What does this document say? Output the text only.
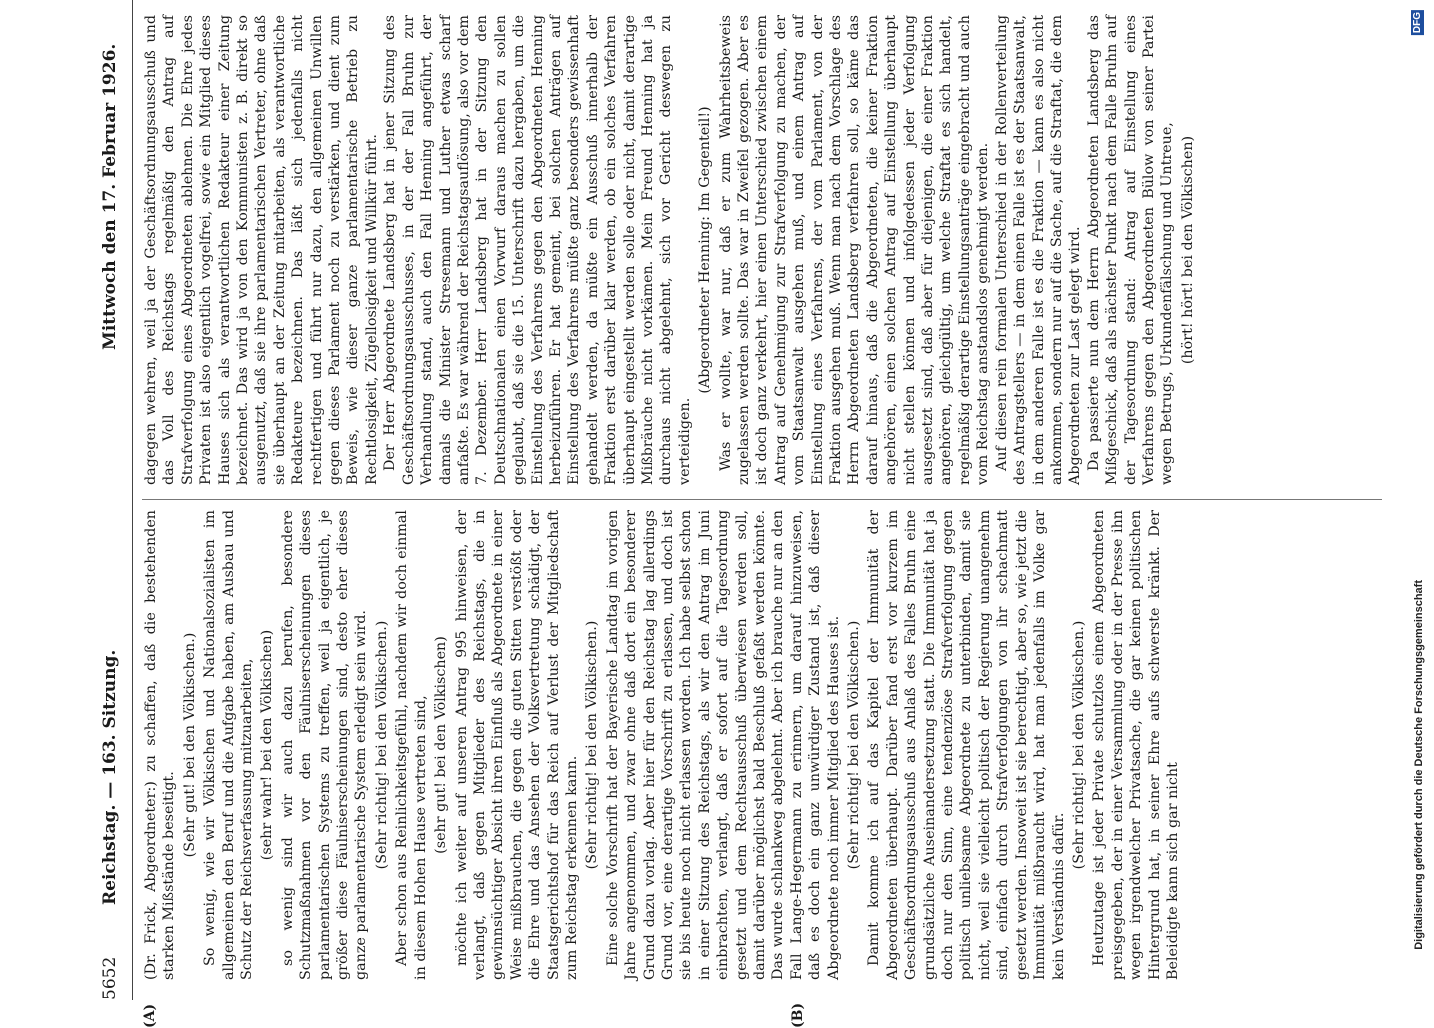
5652
Reichstag. — 163. Sitzung.
Mittwoch den 17. Februar 1926.
(A)	(B)

(Dr. Frick, Abgeordneter:) zu schaffen, daß die bestehenden starken Mißstände beseitigt.

(Sehr gut! bei den Völkischen.) So wenig, wie wir Völkischen und Nationalsozialisten im allgemeinen den Beruf und die Aufgabe haben, am Ausbau und Schutz der Reichsverfassung mitzuarbeiten, (sehr wahr! bei den Völkischen) so wenig sind wir auch dazu berufen, besondere Schutzmaßnahmen vor den Fäulniserscheinungen dieses parlamentarischen Systems zu treffen, weil ja eigentlich, je größer diese Fäulniserscheinungen sind, desto eher dieses ganze parlamentarische System erledigt sein wird. (Sehr richtig! bei den Völkischen.) Aber schon aus Reinlichkeitsgefühl, nachdem wir doch einmal in diesem Hohen Hause vertreten sind, (sehr gut! bei den Völkischen) möchte ich weiter auf unseren Antrag 995 hinweisen, der verlangt, daß gegen Mitglieder des Reichstags, die in gewinnsüchtiger Absicht ihren Einfluß als Abgeordnete in einer Weise mißbrauchen, die gegen die guten Sitten verstößt oder die Ehre und das Ansehen der Volksvertretung schädigt, der Staatsgerichtshof für das Reich auf Verlust der Mitgliedschaft zum Reichstag erkennen kann. (Sehr richtig! bei den Völkischen.) Eine solche Vorschrift hat der Bayerische Landtag im vorigen Jahre angenommen, und zwar ohne daß dort ein besonderer Grund dazu vorlag. Aber hier für den Reichstag lag allerdings Grund vor, eine derartige Vorschrift zu erlassen, und doch ist sie bis heute noch nicht erlassen worden. Ich habe selbst schon in einer Sitzung des Reichstags, als wir den Antrag im Juni einbrachten, verlangt, daß er sofort auf die Tagesordnung gesetzt und dem Rechtsausschuß überwiesen werden soll, damit darüber möglichst bald Beschluß gefaßt werden könnte. Das wurde schlankweg abgelehnt. Aber ich brauche nur an den Fall Lange-Hegermann zu erinnern, um darauf hinzuweisen, daß es doch ein ganz unwürdiger Zustand ist, daß dieser Abgeordnete noch immer Mitglied des Hauses ist. (Sehr richtig! bei den Völkischen.) Damit komme ich auf das Kapitel der Immunität der Abgeordneten überhaupt. Darüber fand erst vor kurzem im Geschäftsordnungsausschuß aus Anlaß des Falles Bruhn eine grundsätzliche Auseinandersetzung statt. Die Immunität hat ja doch nur den Sinn, eine tendenziöse Strafverfolgung gegen politisch unliebsame Abgeordnete zu unterbinden, damit sie nicht, weil sie vielleicht politisch der Regierung unangenehm sind, einfach durch Strafverfolgungen von ihr schachmatt gesetzt werden. Insoweit ist sie berechtigt, aber so, wie jetzt die Immunität mißbraucht wird, hat man jedenfalls im Volke gar kein Verständnis dafür.

(Sehr richtig! bei den Völkischen.) Heutzutage ist jeder Private schutzlos einem Abgeordneten preisgegeben, der in einer Versammlung oder in der Presse ihn wegen irgendwelcher Privatsache, die gar keinen politischen Hintergrund hat, in seiner Ehre aufs schwerste kränkt. Der Beleidigte kann sich gar nicht

dagegen wehren, weil ja der Geschäftsordnungsausschuß und das Voll des Reichstags regelmäßig den Antrag auf Strafverfolgung eines Abgeordneten ablehnen. Die Ehre jedes Privaten ist also eigentlich vogelfrei, sowie ein Mitglied dieses Hauses sich als verantwortlichen Redakteur einer Zeitung bezeichnet. Das wird ja von den Kommunisten z. B. direkt so ausgenutzt, daß sie ihre parlamentarischen Vertreter, ohne daß sie überhaupt an der Zeitung mitarbeiten, als verantwortliche Redakteure bezeichnen. Das läßt sich jedenfalls nicht rechtfertigen und führt nur dazu, den allgemeinen Unwillen gegen dieses Parlament noch zu verstärken, und dient zum Beweis, wie dieser ganze parlamentarische Betrieb zu Rechtlosigkeit, Zügellosigkeit und Willkür führt. Der Herr Abgeordnete Landsberg hat in jener Sitzung des Geschäftsordnungsausschusses, in der der Fall Bruhn zur Verhandlung stand, auch den Fall Henning angeführt, der damals die Minister Stresemann und Luther etwas scharf anfaßte. Es war während der Reichstagsauflösung, also vor dem 7. Dezember. Herr Landsberg hat in der Sitzung den Deutschnationalen einen Vorwurf daraus machen zu sollen geglaubt, daß sie die 15. Unterschrift dazu hergaben, um die Einstellung des Verfahrens gegen den Abgeordneten Henning herbeizuführen. Er hat gemeint, bei solchen Anträgen auf Einstellung des Verfahrens müßte ganz besonders gewissenhaft gehandelt werden, da müßte ein Ausschuß innerhalb der Fraktion erst darüber klar werden, ob ein solches Verfahren überhaupt eingestellt werden solle oder nicht, damit derartige Mißbräuche nicht vorkämen. Mein Freund Henning hat ja durchaus nicht abgelehnt, sich vor Gericht deswegen zu verteidigen.

(Abgeordneter Henning: Im Gegenteil!) Was er wollte, war nur, daß er zum Wahrheitsbeweis zugelassen werden sollte. Das war in Zweifel gezogen. Aber es ist doch ganz verkehrt, hier einen Unterschied zwischen einem Antrag auf Genehmigung zur Strafverfolgung zu machen, der vom Staatsanwalt ausgehen muß, und einem Antrag auf Einstellung eines Verfahrens, der vom Parlament, von der Fraktion ausgehen muß. Wenn man nach dem Vorschlage des Herrn Abgeordneten Landsberg verfahren soll, so käme das darauf hinaus, daß die Abgeordneten, die keiner Fraktion angehören, einen solchen Antrag auf Einstellung überhaupt nicht stellen können und infolgedessen jeder Verfolgung ausgesetzt sind, daß aber für diejenigen, die einer Fraktion angehören, gleichgültig, um welche Straftat es sich handelt, regelmäßig derartige Einstellungsanträge eingebracht und auch vom Reichstag anstandslos genehmigt werden. Auf diesen rein formalen Unterschied in der Rollenverteilung des Antragstellers — in dem einen Falle ist es der Staatsanwalt, in dem anderen Falle ist es die Fraktion — kann es also nicht ankommen, sondern nur auf die Sache, auf die Straftat, die dem Abgeordneten zur Last gelegt wird. Da passierte nun dem Herrn Abgeordneten Landsberg das Mißgeschick, daß als nächster Punkt nach dem Falle Bruhn auf der Tagesordnung stand: Antrag auf Einstellung eines Verfahrens gegen den Abgeordneten Bülow von seiner Partei wegen Betrugs, Urkundenfälschung und Untreue, (hört! hört! bei den Völkischen)

DFG
Digitalisierung gefördert durch die Deutsche Forschungsgemeinschaft
